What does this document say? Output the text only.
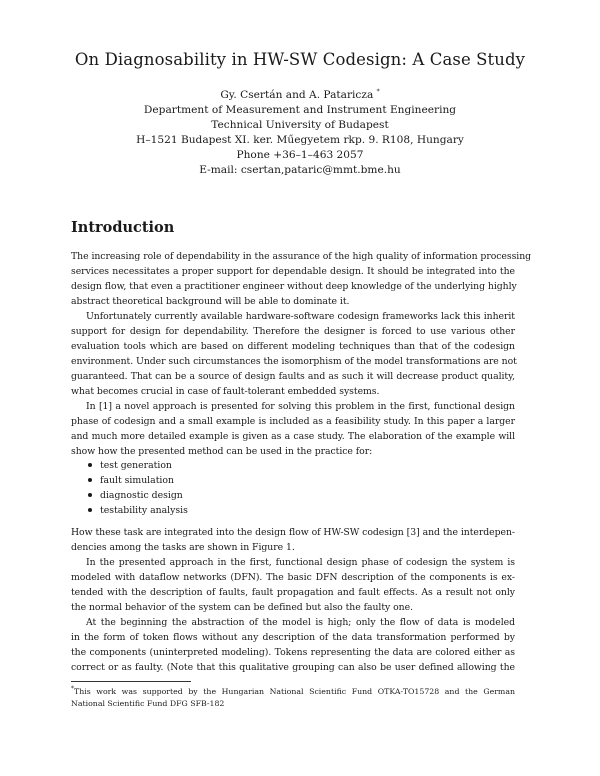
On Diagnosability in HW-SW Codesign: A Case Study
Gy. Csertán and A. Pataricza *
Department of Measurement and Instrument Engineering
Technical University of Budapest
H–1521 Budapest XI. ker. Műegyetem rkp. 9. R108, Hungary
Phone +36–1–463 2057
E-mail: csertan,pataric@mmt.bme.hu
Introduction
The increasing role of dependability in the assurance of the high quality of information processing
services necessitates a proper support for dependable design. It should be integrated into the
design flow, that even a practitioner engineer without deep knowledge of the underlying highly
abstract theoretical background will be able to dominate it.
Unfortunately currently available hardware-software codesign frameworks lack this inherit
support for design for dependability. Therefore the designer is forced to use various other
evaluation tools which are based on different modeling techniques than that of the codesign
environment. Under such circumstances the isomorphism of the model transformations are not
guaranteed. That can be a source of design faults and as such it will decrease product quality,
what becomes crucial in case of fault-tolerant embedded systems.
In [1] a novel approach is presented for solving this problem in the first, functional design
phase of codesign and a small example is included as a feasibility study. In this paper a larger
and much more detailed example is given as a case study. The elaboration of the example will
show how the presented method can be used in the practice for:
test generation
fault simulation
diagnostic design
testability analysis
How these task are integrated into the design flow of HW-SW codesign [3] and the interdepen-
dencies among the tasks are shown in Figure 1.
In the presented approach in the first, functional design phase of codesign the system is
modeled with dataflow networks (DFN). The basic DFN description of the components is ex-
tended with the description of faults, fault propagation and fault effects. As a result not only
the normal behavior of the system can be defined but also the faulty one.
At the beginning the abstraction of the model is high; only the flow of data is modeled
in the form of token flows without any description of the data transformation performed by
the components (uninterpreted modeling). Tokens representing the data are colored either as
correct or as faulty. (Note that this qualitative grouping can also be user defined allowing the
*This work was supported by the Hungarian National Scientific Fund OTKA-TO15728 and the German
National Scientific Fund DFG SFB-182
